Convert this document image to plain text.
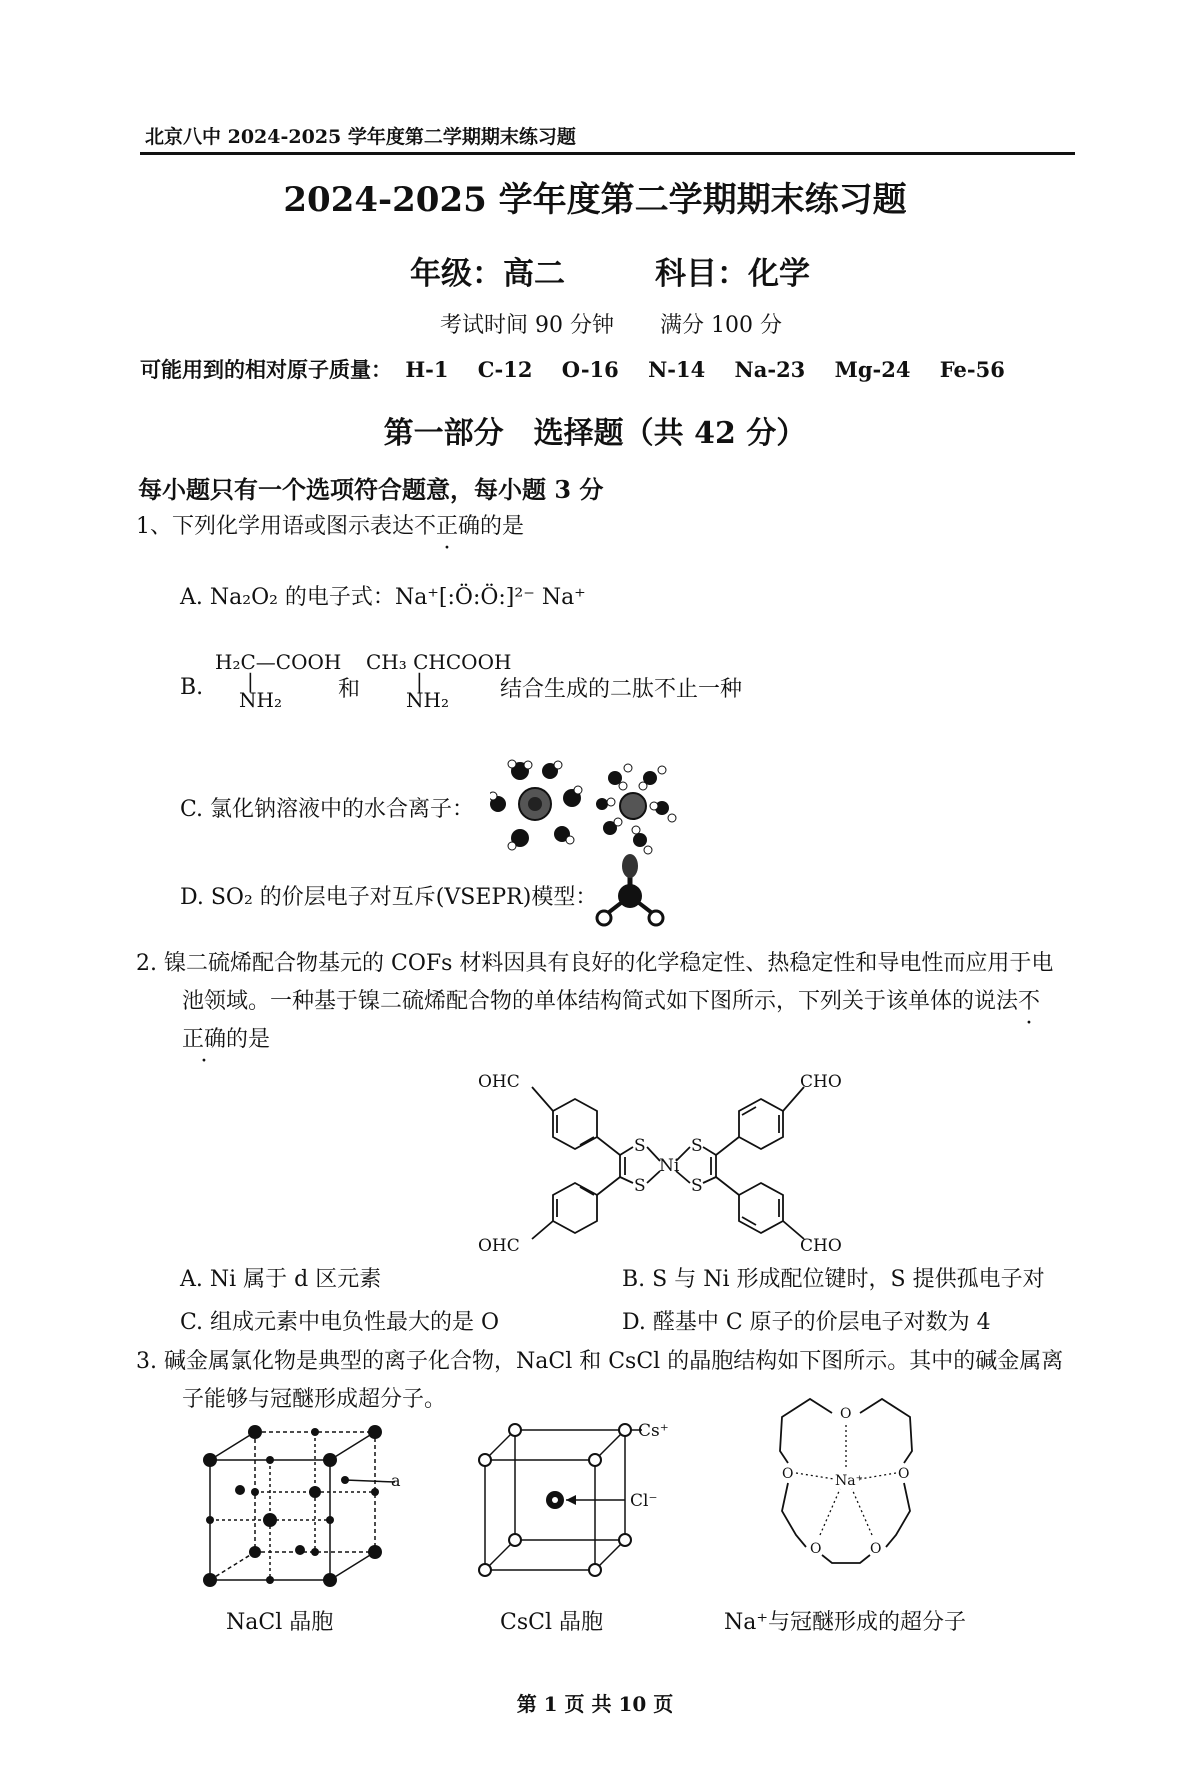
北京八中 2024-2025 学年度第二学期期末练习题
2024-2025 学年度第二学期期末练习题
年级：高二	科目：化学
考试时间 90 分钟 满分 100 分
可能用到的相对原子质量： H-1 C-12 O-16 N-14 Na-23 Mg-24 Fe-56
第一部分　选择题（共 42 分）
每小题只有一个选项符合题意，每小题 3 分
1、下列化学用语或图示表达不正确的是
A. Na₂O₂ 的电子式：Na⁺[:Ö:Ö:]²⁻ Na⁺
B.
H₂C—COOH
|
NH₂	和
CH₃ CHCOOH
|
NH₂	结合生成的二肽不止一种
C. 氯化钠溶液中的水合离子：
D. SO₂ 的价层电子对互斥(VSEPR)模型：
2. 镍二硫烯配合物基元的 COFs 材料因具有良好的化学稳定性、热稳定性和导电性而应用于电
池领域。一种基于镍二硫烯配合物的单体结构简式如下图所示，下列关于该单体的说法不
正确的是
OHC
OHC
CHO
CHO
S
S
S
S
Ni
A. Ni 属于 d 区元素	B. S 与 Ni 形成配位键时，S 提供孤电子对
C. 组成元素中电负性最大的是 O	D. 醛基中 C 原子的价层电子对数为 4
3. 碱金属氯化物是典型的离子化合物，NaCl 和 CsCl 的晶胞结构如下图所示。其中的碱金属离
子能够与冠醚形成超分子。
a
NaCl 晶胞
Cs⁺
Cl⁻
CsCl 晶胞
O
O	O
O	O
Na⁺
Na⁺与冠醚形成的超分子
第 1 页 共 10 页
